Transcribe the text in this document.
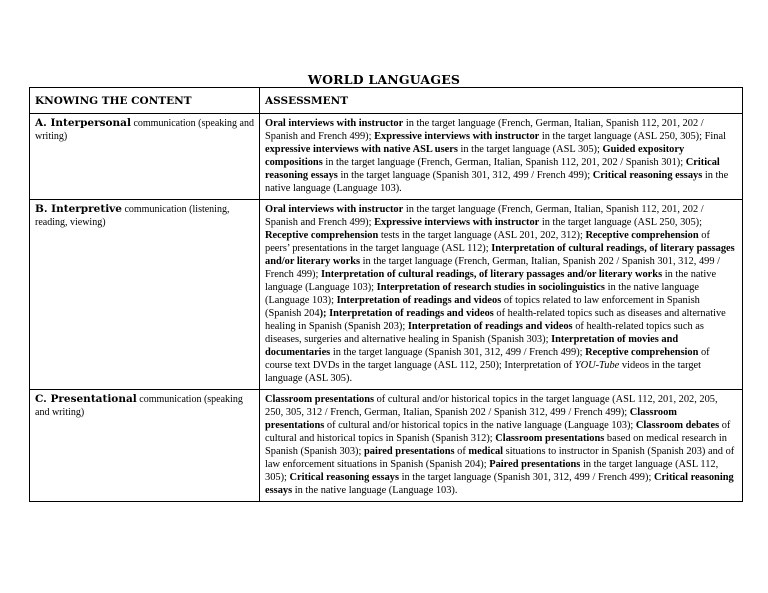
WORLD LANGUAGES
KNOWING THE CONTENT	ASSESSMENT
A. Interpersonal communication (speaking and writing)	Oral interviews with instructor in the target language (French, German, Italian, Spanish 112, 201, 202 / Spanish and French 499); Expressive interviews with instructor in the target language (ASL 250, 305); Final expressive interviews with native ASL users in the target language (ASL 305); Guided expository compositions in the target language (French, German, Italian, Spanish 112, 201, 202 / Spanish 301); Critical reasoning essays in the target language (Spanish 301, 312, 499 / French 499); Critical reasoning essays in the native language (Language 103).
B. Interpretive communication (listening, reading, viewing)	Oral interviews with instructor in the target language (French, German, Italian, Spanish 112, 201, 202 / Spanish and French 499); Expressive interviews with instructor in the target language (ASL 250, 305); Receptive comprehension tests in the target language (ASL 201, 202, 312); Receptive comprehension of peers’ presentations in the target language (ASL 112); Interpretation of cultural readings, of literary passages and/or literary works in the target language (French, German, Italian, Spanish 202 / Spanish 301, 312, 499 / French 499); Interpretation of cultural readings, of literary passages and/or literary works in the native language (Language 103); Interpretation of research studies in sociolinguistics in the native language (Language 103); Interpretation of readings and videos of topics related to law enforcement in Spanish (Spanish 204); Interpretation of readings and videos of health-related topics such as diseases and alternative healing in Spanish (Spanish 203); Interpretation of readings and videos of health-related topics such as diseases, surgeries and alternative healing in Spanish (Spanish 303); Interpretation of movies and documentaries in the target language (Spanish 301, 312, 499 / French 499); Receptive comprehension of course text DVDs in the target language (ASL 112, 250); Interpretation of YOU-Tube videos in the target language (ASL 305).
C. Presentational communication (speaking and writing)	Classroom presentations of cultural and/or historical topics in the target language (ASL 112, 201, 202, 205, 250, 305, 312 / French, German, Italian, Spanish 202 / Spanish 312, 499 / French 499); Classroom presentations of cultural and/or historical topics in the native language (Language 103); Classroom debates of cultural and historical topics in Spanish (Spanish 312); Classroom presentations based on medical research in Spanish (Spanish 303); paired presentations of medical situations to instructor in Spanish (Spanish 203) and of law enforcement situations in Spanish (Spanish 204); Paired presentations in the target language (ASL 112, 305); Critical reasoning essays in the target language (Spanish 301, 312, 499 / French 499); Critical reasoning essays in the native language (Language 103).
